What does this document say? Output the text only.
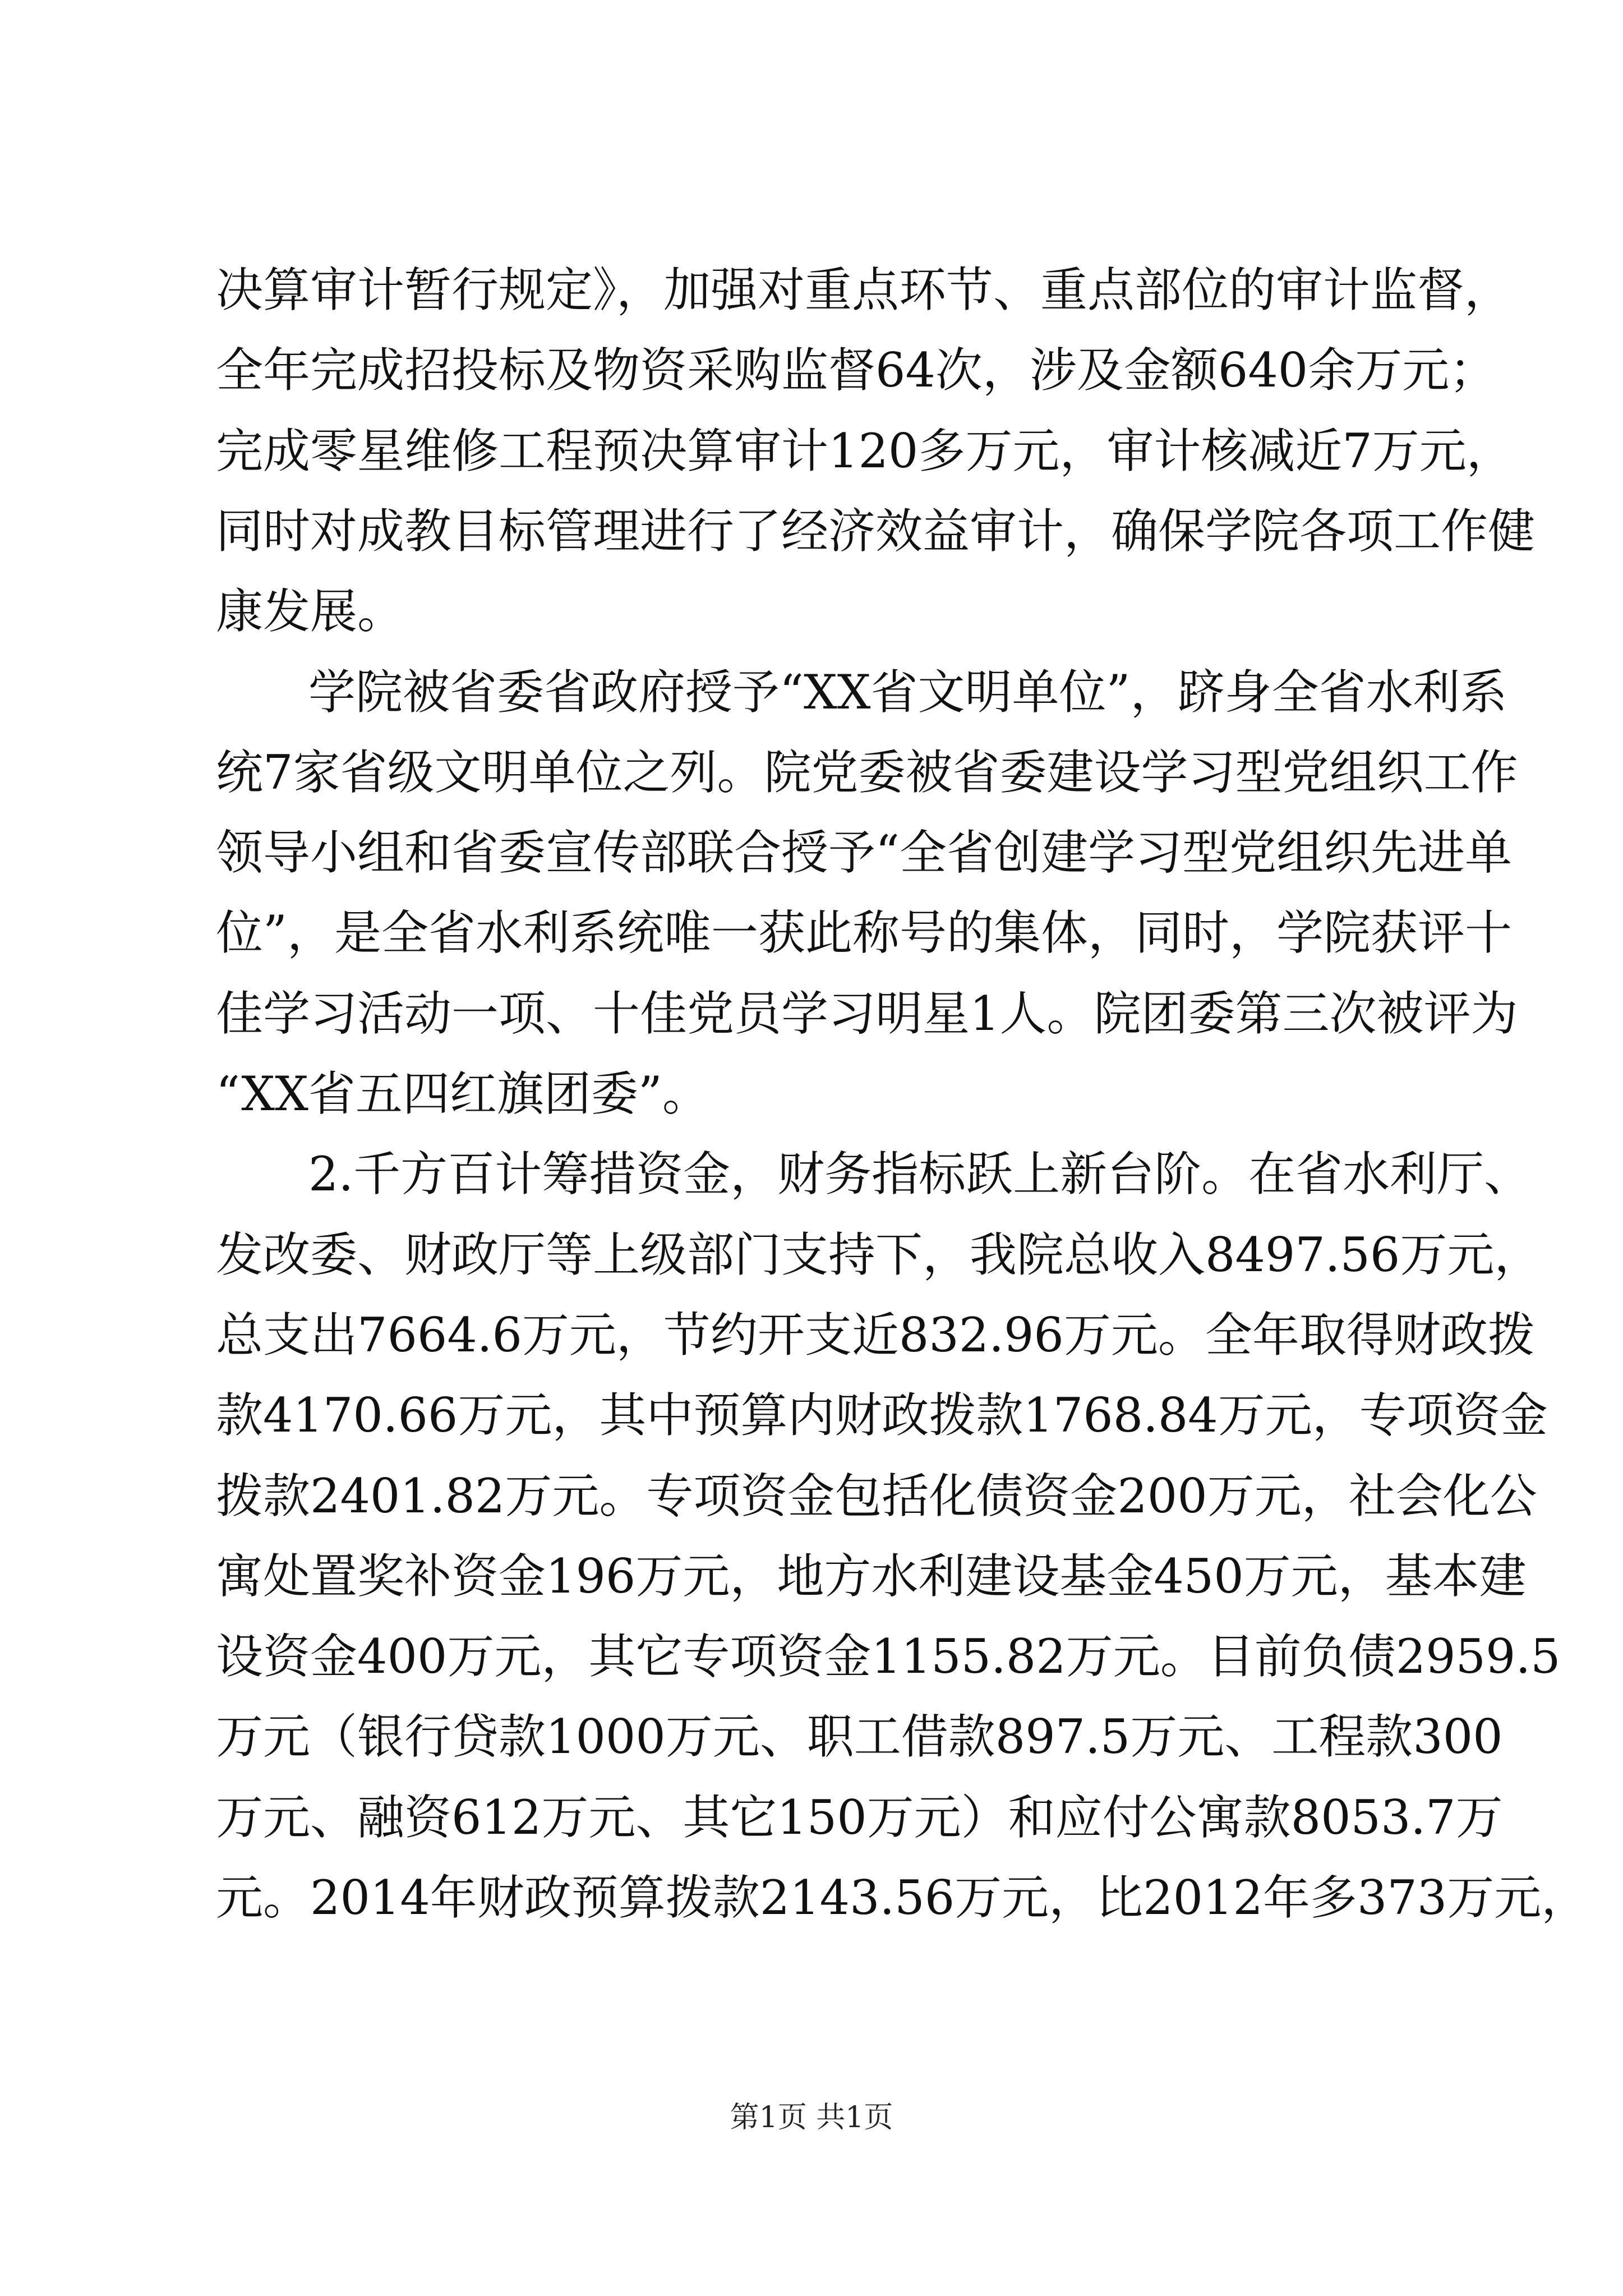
决算审计暂行规定》，加强对重点环节、重点部位的审计监督，
全年完成招投标及物资采购监督64次，涉及金额640余万元；
完成零星维修工程预决算审计120多万元，审计核减近7万元，
同时对成教目标管理进行了经济效益审计，确保学院各项工作健
康发展。
学院被省委省政府授予“XX省文明单位”，跻身全省水利系
统7家省级文明单位之列。院党委被省委建设学习型党组织工作
领导小组和省委宣传部联合授予“全省创建学习型党组织先进单
位”，是全省水利系统唯一获此称号的集体，同时，学院获评十
佳学习活动一项、十佳党员学习明星1人。院团委第三次被评为
“XX省五四红旗团委”。
2.千方百计筹措资金，财务指标跃上新台阶。在省水利厅、
发改委、财政厅等上级部门支持下，我院总收入8497.56万元，
总支出7664.6万元，节约开支近832.96万元。全年取得财政拨
款4170.66万元，其中预算内财政拨款1768.84万元，专项资金
拨款2401.82万元。专项资金包括化债资金200万元，社会化公
寓处置奖补资金196万元，地方水利建设基金450万元，基本建
设资金400万元，其它专项资金1155.82万元。目前负债2959.5
万元（银行贷款1000万元、职工借款897.5万元、工程款300
万元、融资612万元、其它150万元）和应付公寓款8053.7万
元。2014年财政预算拨款2143.56万元，比2012年多373万元，
第1页 共1页
